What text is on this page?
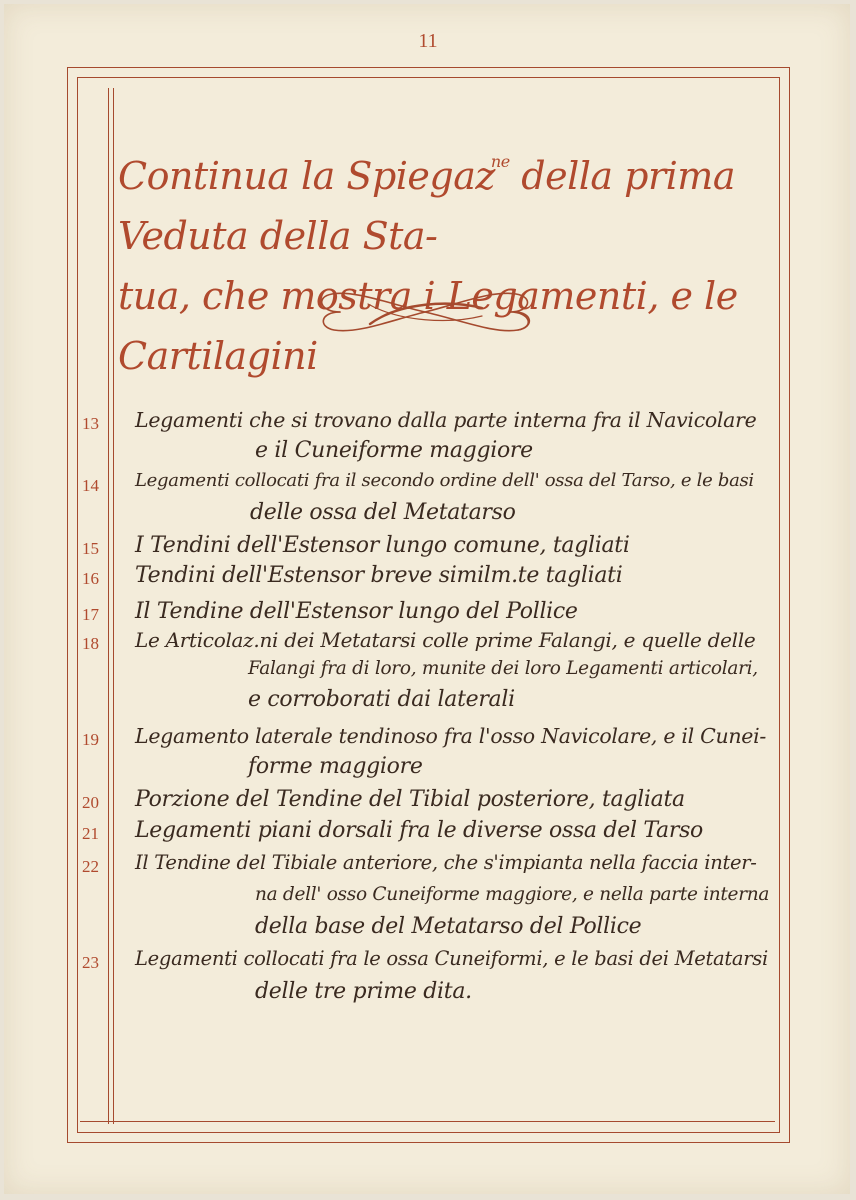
11
Continua la Spiegaz$^{ne}$ della prima Veduta della Sta-
tua, che mostra i Legamenti, e le Cartilagini
13	Legamenti che si trovano dalla parte interna fra il Navicolare
e il Cuneiforme maggiore
14	Legamenti collocati fra il secondo ordine dell' ossa del Tarso, e le basi
delle ossa del Metatarso
15	I Tendini dell'Estensor lungo comune, tagliati
16	Tendini dell'Estensor breve similm.te tagliati
17	Il Tendine dell'Estensor lungo del Pollice
18	Le Articolaz.ni dei Metatarsi colle prime Falangi, e quelle delle
Falangi fra di loro, munite dei loro Legamenti articolari,
e corroborati dai laterali
19	Legamento laterale tendinoso fra l'osso Navicolare, e il Cunei-
forme maggiore
20	Porzione del Tendine del Tibial posteriore, tagliata
21	Legamenti piani dorsali fra le diverse ossa del Tarso
22	Il Tendine del Tibiale anteriore, che s'impianta nella faccia inter-
na dell' osso Cuneiforme maggiore, e nella parte interna
della base del Metatarso del Pollice
23	Legamenti collocati fra le ossa Cuneiformi, e le basi dei Metatarsi
delle tre prime dita.
